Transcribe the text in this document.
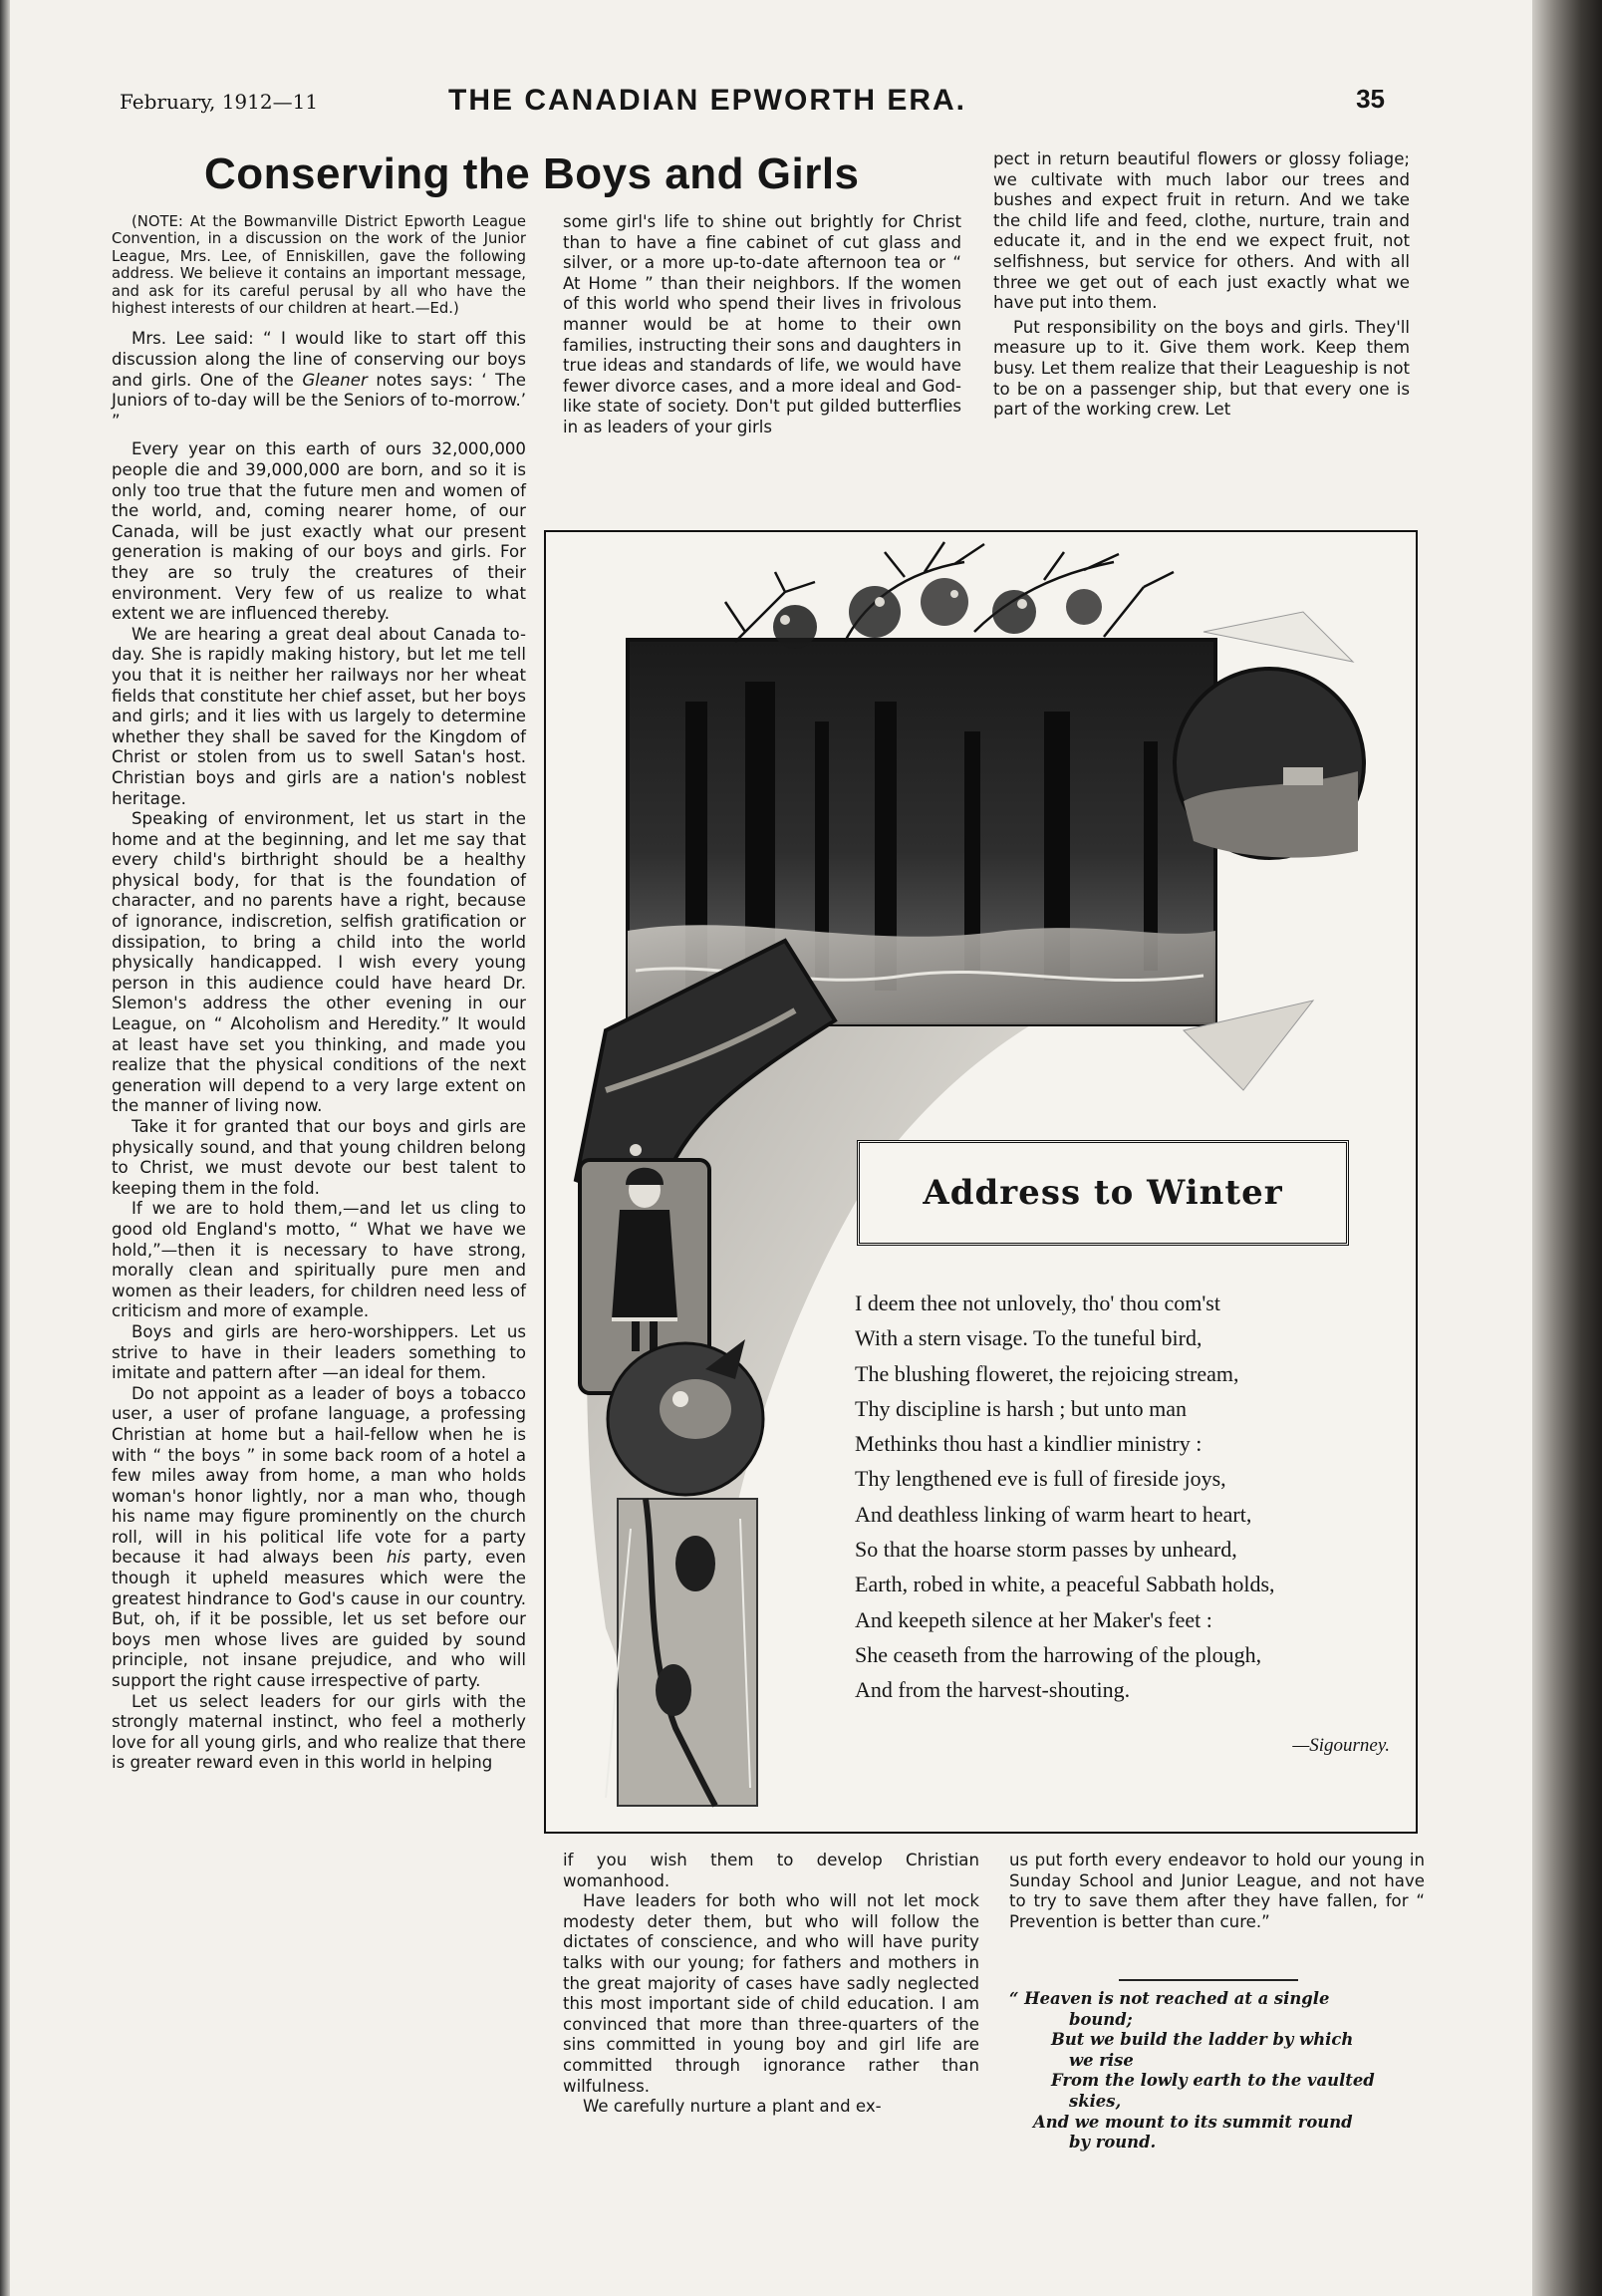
February, 1912—11	THE CANADIAN EPWORTH ERA.	35
Conserving the Boys and Girls

(NOTE: At the Bowmanville District Epworth League Convention, in a discussion on the work of the Junior League, Mrs. Lee, of Enniskillen, gave the following address. We believe it contains an important message, and ask for its careful perusal by all who have the highest interests of our children at heart.—Ed.)

Mrs. Lee said: “ I would like to start off this discussion along the line of conserving our boys and girls. One of the Gleaner notes says: ‘ The Juniors of to-day will be the Seniors of to-morrow.’ ”

Every year on this earth of ours 32,000,000 people die and 39,000,000 are born, and so it is only too true that the future men and women of the world, and, coming nearer home, of our Canada, will be just exactly what our present generation is making of our boys and girls. For they are so truly the creatures of their environment. Very few of us realize to what extent we are influenced thereby.

We are hearing a great deal about Canada to-day. She is rapidly making history, but let me tell you that it is neither her railways nor her wheat fields that constitute her chief asset, but her boys and girls; and it lies with us largely to determine whether they shall be saved for the Kingdom of Christ or stolen from us to swell Satan's host. Christian boys and girls are a nation's noblest heritage.

Speaking of environment, let us start in the home and at the beginning, and let me say that every child's birthright should be a healthy physical body, for that is the foundation of character, and no parents have a right, because of ignorance, indiscretion, selfish gratification or dissipation, to bring a child into the world physically handicapped. I wish every young person in this audience could have heard Dr. Slemon's address the other evening in our League, on “ Alcoholism and Heredity.” It would at least have set you thinking, and made you realize that the physical conditions of the next generation will depend to a very large extent on the manner of living now.

Take it for granted that our boys and girls are physically sound, and that young children belong to Christ, we must devote our best talent to keeping them in the fold.

If we are to hold them,—and let us cling to good old England's motto, “ What we have we hold,”—then it is necessary to have strong, morally clean and spiritually pure men and women as their leaders, for children need less of criticism and more of example.

Boys and girls are hero-worshippers. Let us strive to have in their leaders something to imitate and pattern after —an ideal for them.

Do not appoint as a leader of boys a tobacco user, a user of profane language, a professing Christian at home but a hail-fellow when he is with “ the boys ” in some back room of a hotel a few miles away from home, a man who holds woman's honor lightly, nor a man who, though his name may figure prominently on the church roll, will in his political life vote for a party because it had always been his party, even though it upheld measures which were the greatest hindrance to God's cause in our country. But, oh, if it be possible, let us set before our boys men whose lives are guided by sound principle, not insane prejudice, and who will support the right cause irrespective of party.

Let us select leaders for our girls with the strongly maternal instinct, who feel a motherly love for all young girls, and who realize that there is greater reward even in this world in helping

some girl's life to shine out brightly for Christ than to have a fine cabinet of cut glass and silver, or a more up-to-date afternoon tea or “ At Home ” than their neighbors. If the women of this world who spend their lives in frivolous manner would be at home to their own families, instructing their sons and daughters in true ideas and standards of life, we would have fewer divorce cases, and a more ideal and God-like state of society. Don't put gilded butterflies in as leaders of your girls

pect in return beautiful flowers or glossy foliage; we cultivate with much labor our trees and bushes and expect fruit in return. And we take the child life and feed, clothe, nurture, train and educate it, and in the end we expect fruit, not selfishness, but service for others. And with all three we get out of each just exactly what we have put into them.

Put responsibility on the boys and girls. They'll measure up to it. Give them work. Keep them busy. Let them realize that their Leagueship is not to be on a passenger ship, but that every one is part of the working crew. Let

Address to Winter
I deem thee not unlovely, tho' thou com'st
With a stern visage. To the tuneful bird,
The blushing floweret, the rejoicing stream,
Thy discipline is harsh ; but unto man
Methinks thou hast a kindlier ministry :
Thy lengthened eve is full of fireside joys,
And deathless linking of warm heart to heart,
So that the hoarse storm passes by unheard,
Earth, robed in white, a peaceful Sabbath holds,
And keepeth silence at her Maker's feet :
She ceaseth from the harrowing of the plough,
And from the harvest-shouting.
—Sigourney.

if you wish them to develop Christian womanhood.

Have leaders for both who will not let mock modesty deter them, but who will follow the dictates of conscience, and who will have purity talks with our young; for fathers and mothers in the great majority of cases have sadly neglected this most important side of child education. I am convinced that more than three-quarters of the sins committed in young boy and girl life are committed through ignorance rather than wilfulness.

We carefully nurture a plant and ex-

us put forth every endeavor to hold our young in Sunday School and Junior League, and not have to try to save them after they have fallen, for “ Prevention is better than cure.”

“ Heaven is not reached at a single
bound;
But we build the ladder by which
we rise
From the lowly earth to the vaulted
skies,
And we mount to its summit round
by round.
